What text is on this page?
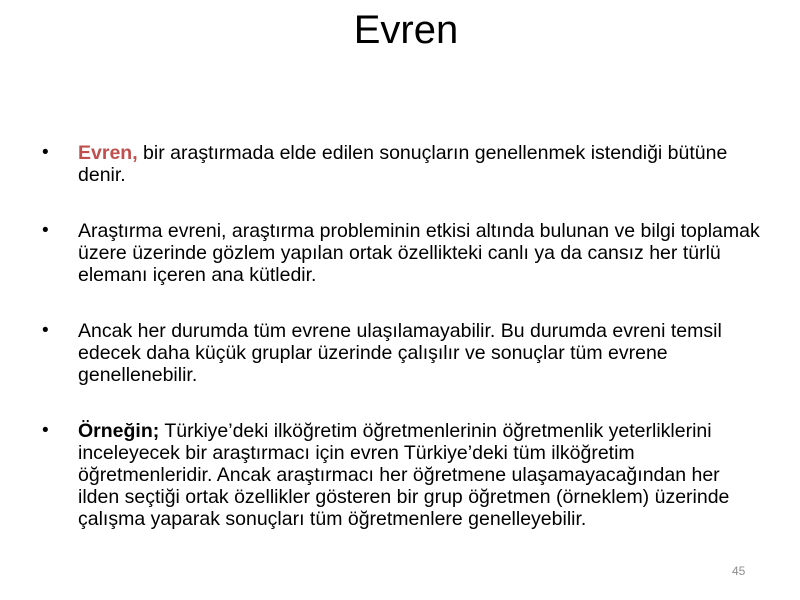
Evren
• Evren, bir araştırmada elde edilen sonuçların genellenmek istendiği bütüne denir.
• Araştırma evreni, araştırma probleminin etkisi altında bulunan ve bilgi toplamak üzere üzerinde gözlem yapılan ortak özellikteki canlı ya da cansız her türlü elemanı içeren ana kütledir.
• Ancak her durumda tüm evrene ulaşılamayabilir. Bu durumda evreni temsil edecek daha küçük gruplar üzerinde çalışılır ve sonuçlar tüm evrene genellenebilir.
• Örneğin; Türkiye’deki ilköğretim öğretmenlerinin öğretmenlik yeterliklerini inceleyecek bir araştırmacı için evren Türkiye’deki tüm ilköğretim öğretmenleridir. Ancak araştırmacı her öğretmene ulaşamayacağından her ilden seçtiği ortak özellikler gösteren bir grup öğretmen (örneklem) üzerinde çalışma yaparak sonuçları tüm öğretmenlere genelleyebilir.
45
